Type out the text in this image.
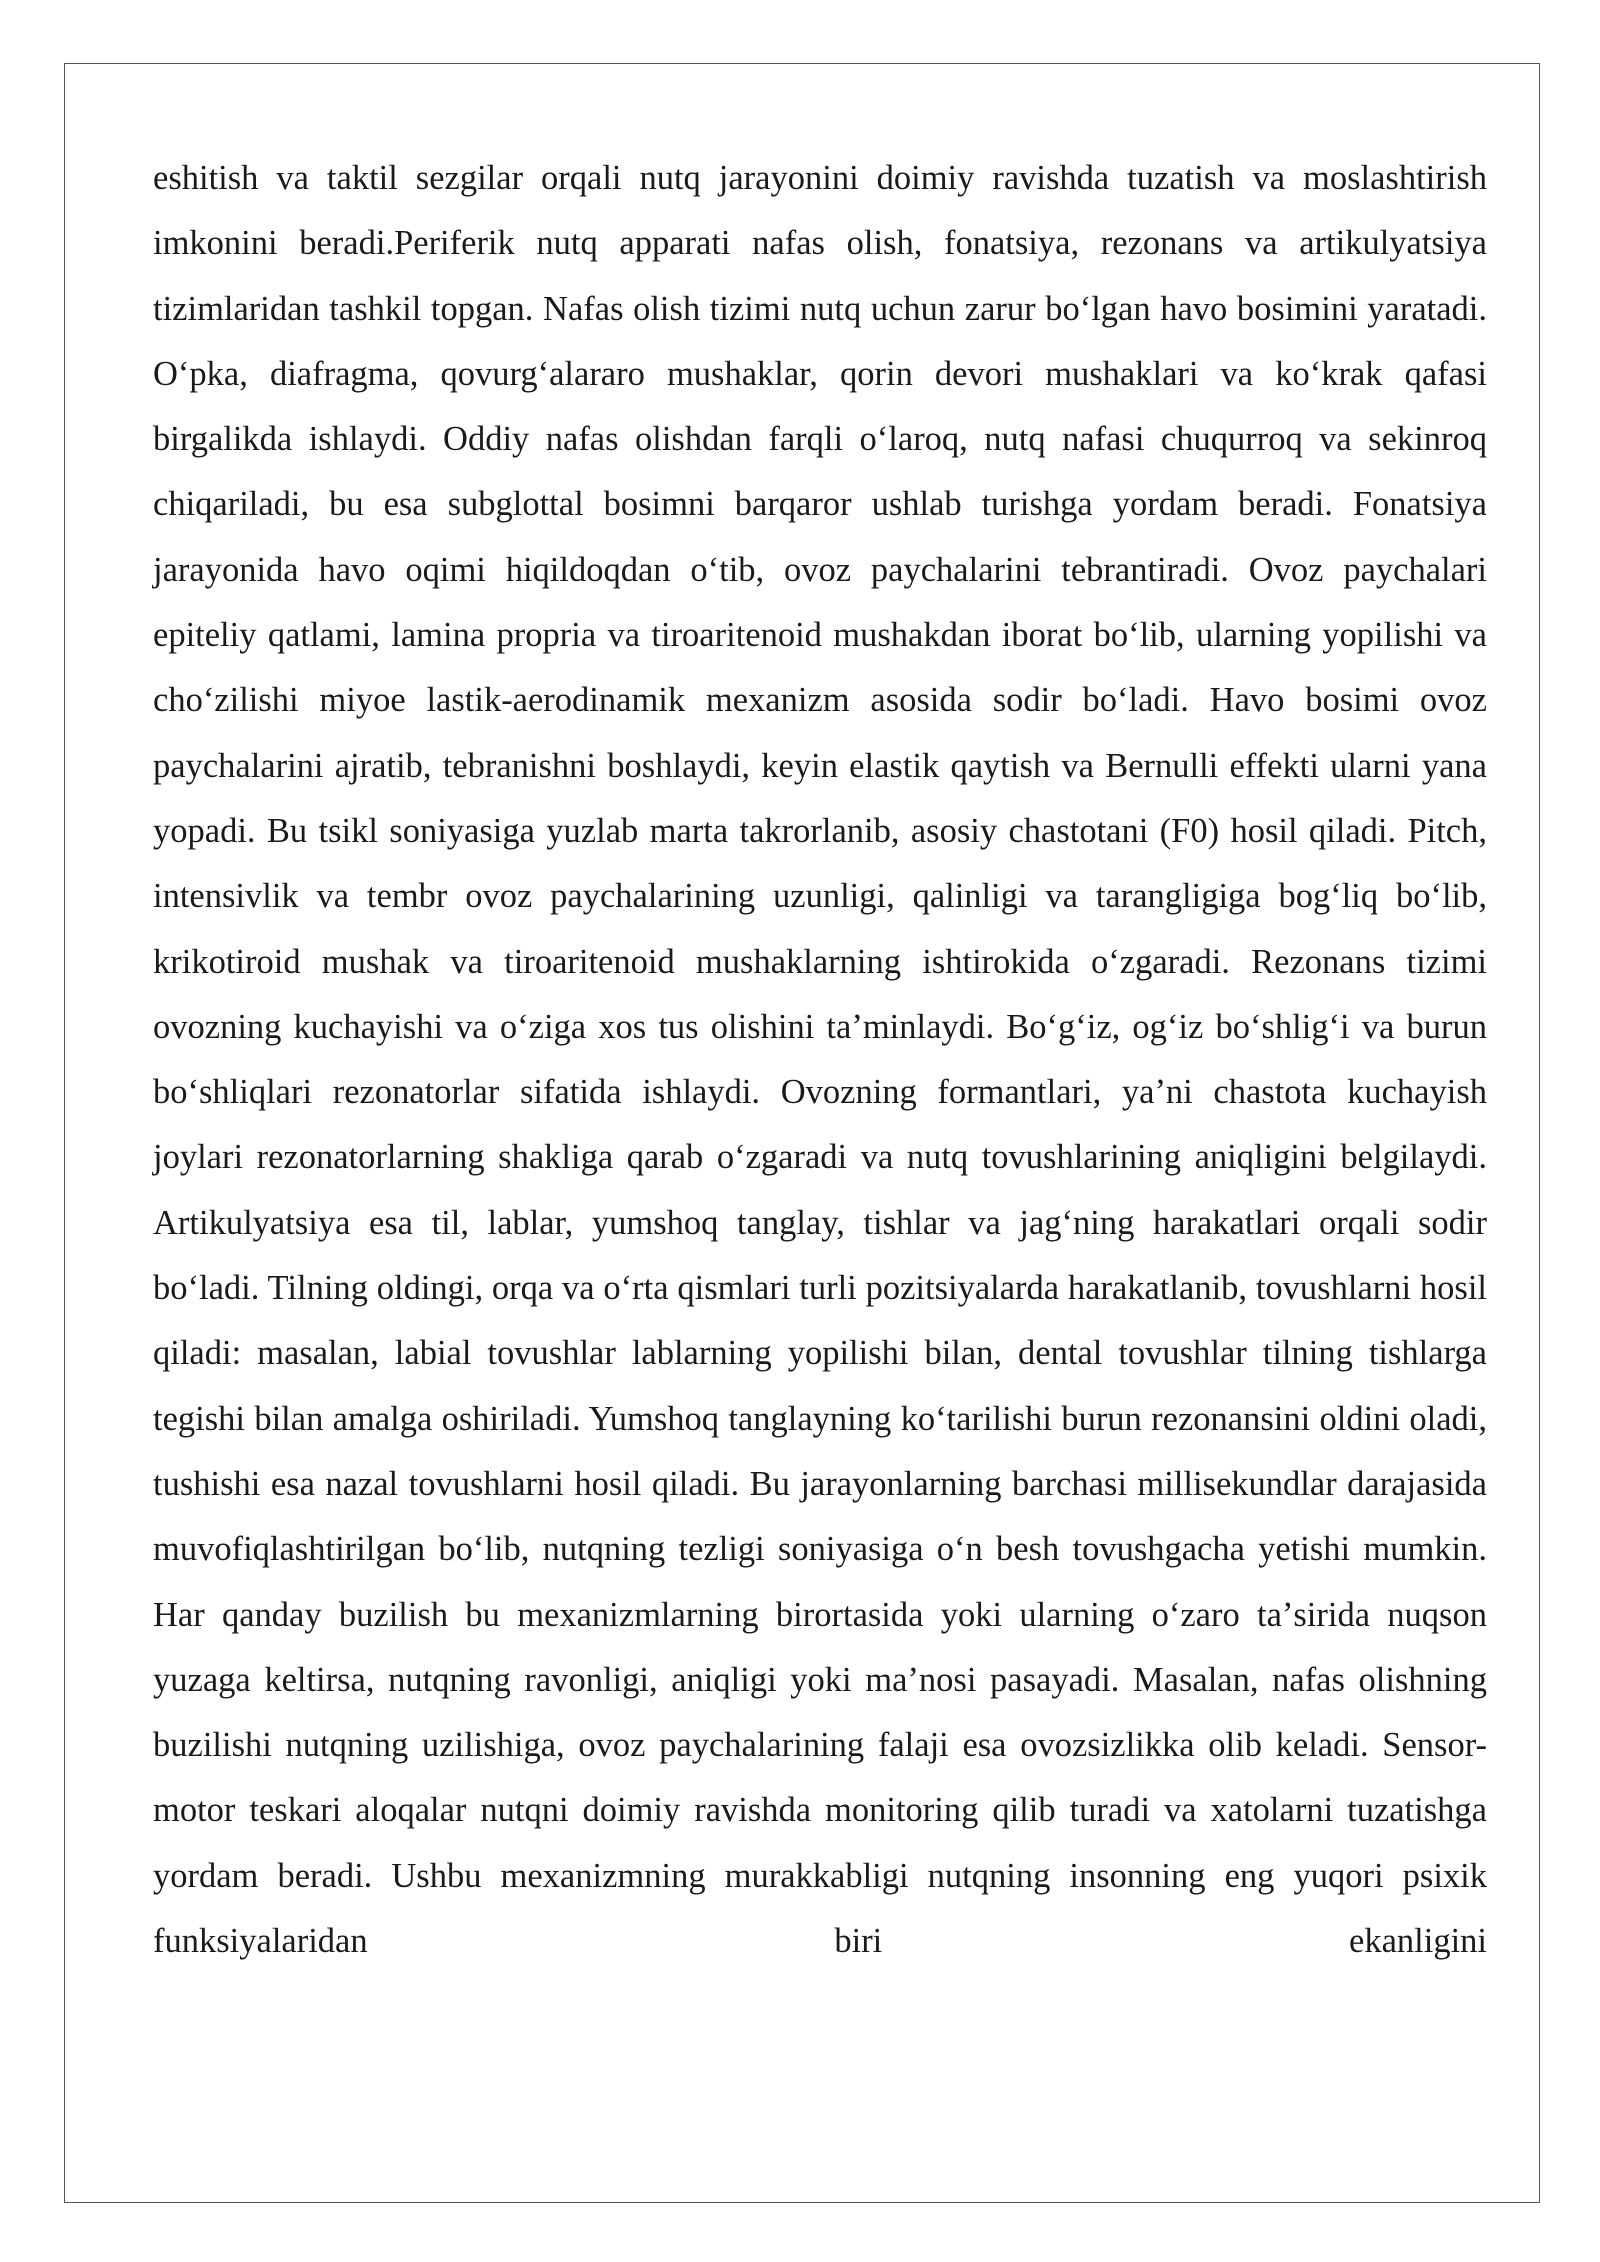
eshitish va taktil sezgilar orqali nutq jarayonini doimiy ravishda tuzatish va moslashtirish imkonini beradi.Periferik nutq apparati nafas olish, fonatsiya, rezonans va artikulyatsiya tizimlaridan tashkil topgan. Nafas olish tizimi nutq uchun zarur boʻlgan havo bosimini yaratadi. Oʻpka, diafragma, qovurgʻalararo mushaklar, qorin devori mushaklari va koʻkrak qafasi birgalikda ishlaydi. Oddiy nafas olishdan farqli oʻlaroq, nutq nafasi chuqurroq va sekinroq chiqariladi, bu esa subglottal bosimni barqaror ushlab turishga yordam beradi. Fonatsiya jarayonida havo oqimi hiqildoqdan oʻtib, ovoz paychalarini tebrantiradi. Ovoz paychalari epiteliy qatlami, lamina propria va tiroaritenoid mushakdan iborat boʻlib, ularning yopilishi va choʻzilishi miyoe lastik-aerodinamik mexanizm asosida sodir boʻladi. Havo bosimi ovoz paychalarini ajratib, tebranishni boshlaydi, keyin elastik qaytish va Bernulli effekti ularni yana yopadi. Bu tsikl soniyasiga yuzlab marta takrorlanib, asosiy chastotani (F0) hosil qiladi. Pitch, intensivlik va tembr ovoz paychalarining uzunligi, qalinligi va tarangligiga bogʻliq boʻlib, krikotiroid mushak va tiroaritenoid mushaklarning ishtirokida oʻzgaradi. Rezonans tizimi ovozning kuchayishi va oʻziga xos tus olishini taʼminlaydi. Boʻgʻiz, ogʻiz boʻshligʻi va burun boʻshliqlari rezonatorlar sifatida ishlaydi. Ovozning formantlari, yaʼni chastota kuchayish joylari rezonatorlarning shakliga qarab oʻzgaradi va nutq tovushlarining aniqligini belgilaydi. Artikulyatsiya esa til, lablar, yumshoq tanglay, tishlar va jagʻning harakatlari orqali sodir boʻladi. Tilning oldingi, orqa va oʻrta qismlari turli pozitsiyalarda harakatlanib, tovushlarni hosil qiladi: masalan, labial tovushlar lablarning yopilishi bilan, dental tovushlar tilning tishlarga tegishi bilan amalga oshiriladi. Yumshoq tanglayning koʻtarilishi burun rezonansini oldini oladi, tushishi esa nazal tovushlarni hosil qiladi. Bu jarayonlarning barchasi millisekundlar darajasida muvofiqlashtirilgan boʻlib, nutqning tezligi soniyasiga oʻn besh tovushgacha yetishi mumkin. Har qanday buzilish bu mexanizmlarning birortasida yoki ularning oʻzaro taʼsirida nuqson yuzaga keltirsa, nutqning ravonligi, aniqligi yoki maʼnosi pasayadi. Masalan, nafas olishning buzilishi nutqning uzilishiga, ovoz paychalarining falaji esa ovozsizlikka olib keladi. Sensor-motor teskari aloqalar nutqni doimiy ravishda monitoring qilib turadi va xatolarni tuzatishga yordam beradi. Ushbu mexanizmning murakkabligi nutqning insonning eng yuqori psixik funksiyalaridan biri ekanligini
